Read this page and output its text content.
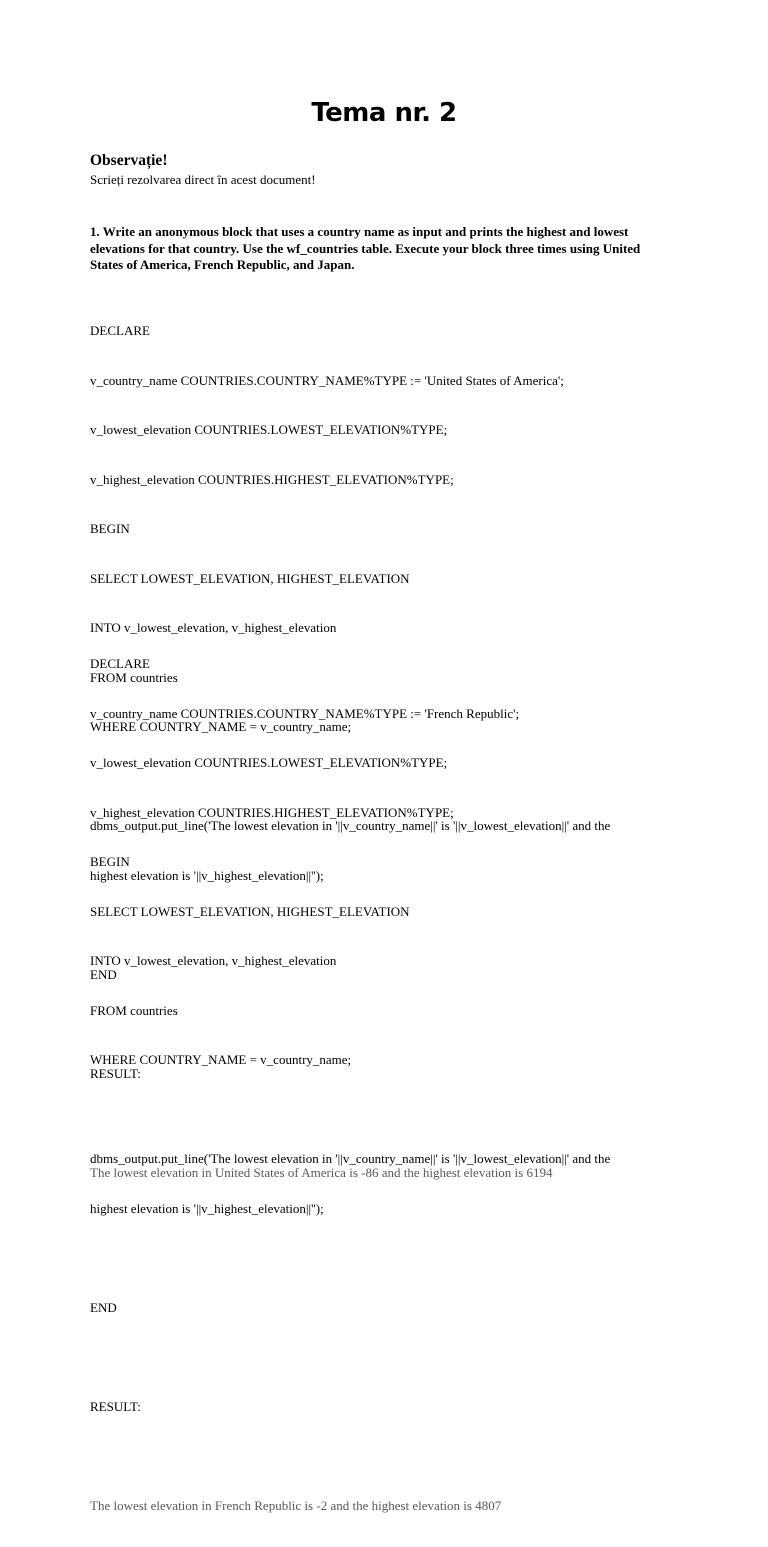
Tema nr. 2
Observație!
Scrieți rezolvarea direct în acest document!
1. Write an anonymous block that uses a country name as input and prints the highest and lowest elevations for that country. Use the wf_countries table. Execute your block three times using United States of America, French Republic, and Japan.

DECLARE

v_country_name COUNTRIES.COUNTRY_NAME%TYPE := 'United States of America';

v_lowest_elevation COUNTRIES.LOWEST_ELEVATION%TYPE;

v_highest_elevation COUNTRIES.HIGHEST_ELEVATION%TYPE;

BEGIN

SELECT LOWEST_ELEVATION, HIGHEST_ELEVATION

INTO v_lowest_elevation, v_highest_elevation

FROM countries

WHERE COUNTRY_NAME = v_country_name;

dbms_output.put_line('The lowest elevation in '||v_country_name||' is '||v_lowest_elevation||' and the

highest elevation is '||v_highest_elevation||'');

END

RESULT:

The lowest elevation in United States of America is -86 and the highest elevation is 6194

DECLARE

v_country_name COUNTRIES.COUNTRY_NAME%TYPE := 'French Republic';

v_lowest_elevation COUNTRIES.LOWEST_ELEVATION%TYPE;

v_highest_elevation COUNTRIES.HIGHEST_ELEVATION%TYPE;

BEGIN

SELECT LOWEST_ELEVATION, HIGHEST_ELEVATION

INTO v_lowest_elevation, v_highest_elevation

FROM countries

WHERE COUNTRY_NAME = v_country_name;

dbms_output.put_line('The lowest elevation in '||v_country_name||' is '||v_lowest_elevation||' and the

highest elevation is '||v_highest_elevation||'');

END

RESULT:

The lowest elevation in French Republic is -2 and the highest elevation is 4807
